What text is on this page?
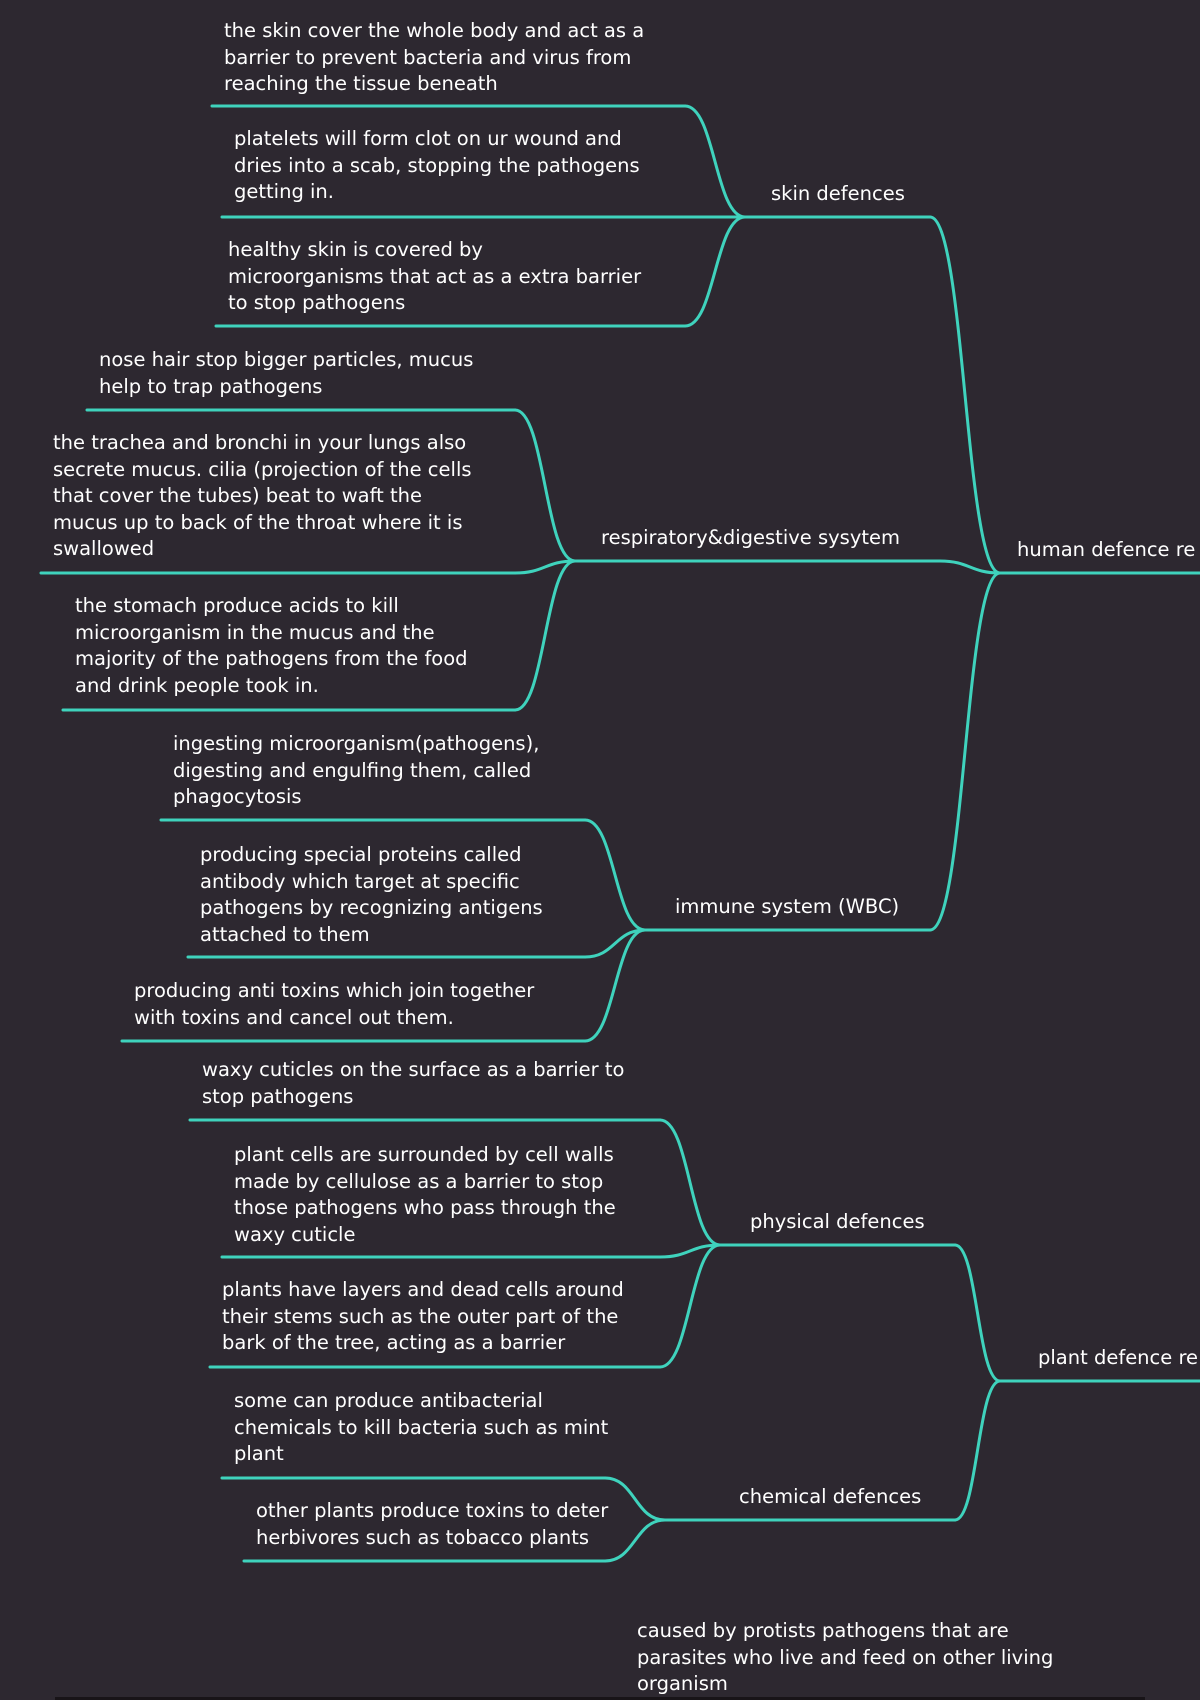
human defence re
plant defence re
skin defences
respiratory&digestive sysytem
immune system (WBC)
physical defences
chemical defences
the skin cover the whole body and act as a
barrier to prevent bacteria and virus from
reaching the tissue beneath
platelets will form clot on ur wound and
dries into a scab, stopping the pathogens
getting in.
healthy skin is covered by
microorganisms that act as a extra barrier
to stop pathogens
nose hair stop bigger particles, mucus
help to trap pathogens
the trachea and bronchi in your lungs also
secrete mucus. cilia (projection of the cells
that cover the tubes) beat to waft the
mucus up to back of the throat where it is
swallowed
the stomach produce acids to kill
microorganism in the mucus and the
majority of the pathogens from the food
and drink people took in.
ingesting microorganism(pathogens),
digesting and engulfing them, called
phagocytosis
producing special proteins called
antibody which target at specific
pathogens by recognizing antigens
attached to them
producing anti toxins which join together
with toxins and cancel out them.
waxy cuticles on the surface as a barrier to
stop pathogens
plant cells are surrounded by cell walls
made by cellulose as a barrier to stop
those pathogens who pass through the
waxy cuticle
plants have layers and dead cells around
their stems such as the outer part of the
bark of the tree, acting as a barrier
some can produce antibacterial
chemicals to kill bacteria such as mint
plant
other plants produce toxins to deter
herbivores such as tobacco plants
caused by protists pathogens that are
parasites who live and feed on other living
organism
